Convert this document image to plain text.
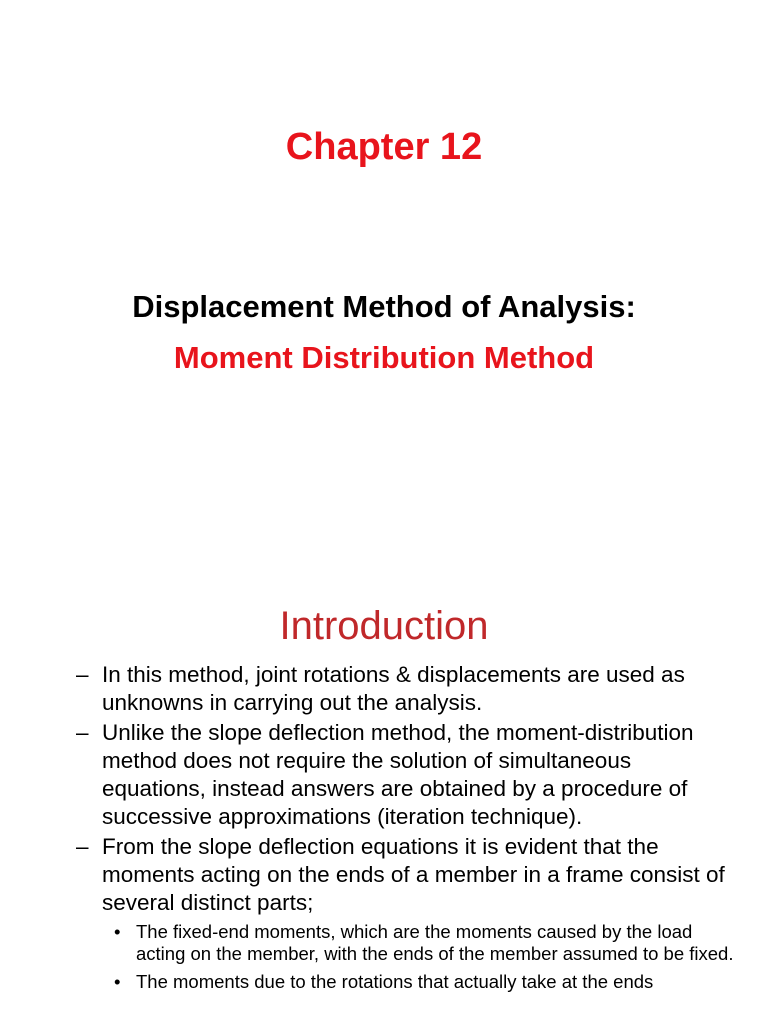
Chapter 12
Displacement Method of Analysis:
Moment Distribution Method
Introduction
– In this method, joint rotations & displacements are used as unknowns in carrying out the analysis.
– Unlike the slope deflection method, the moment-distribution method does not require the solution of simultaneous equations, instead answers are obtained by a procedure of successive approximations (iteration technique).
– From the slope deflection equations it is evident that the moments acting on the ends of a member in a frame consist of several distinct parts;
• The fixed-end moments, which are the moments caused by the load acting on the member, with the ends of the member assumed to be fixed.
• The moments due to the rotations that actually take at the ends
